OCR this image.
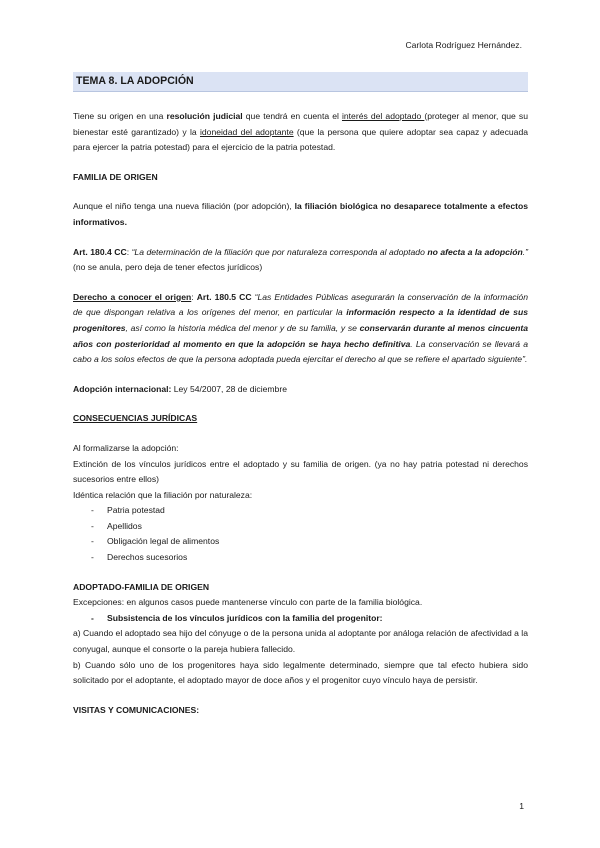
Carlota Rodríguez Hernández.
TEMA 8. LA ADOPCIÓN

Tiene su origen en una resolución judicial que tendrá en cuenta el interés del adoptado (proteger al menor, que su bienestar esté garantizado) y la idoneidad del adoptante (que la persona que quiere adoptar sea capaz y adecuada para ejercer la patria potestad) para el ejercicio de la patria potestad.

FAMILIA DE ORIGEN

Aunque el niño tenga una nueva filiación (por adopción), la filiación biológica no desaparece totalmente a efectos informativos.

Art. 180.4 CC: “La determinación de la filiación que por naturaleza corresponda al adoptado no afecta a la adopción.” (no se anula, pero deja de tener efectos jurídicos)

Derecho a conocer el origen: Art. 180.5 CC “Las Entidades Públicas asegurarán la conservación de la información de que dispongan relativa a los orígenes del menor, en particular la información respecto a la identidad de sus progenitores, así como la historia médica del menor y de su familia, y se conservarán durante al menos cincuenta años con posterioridad al momento en que la adopción se haya hecho definitiva. La conservación se llevará a cabo a los solos efectos de que la persona adoptada pueda ejercitar el derecho al que se refiere el apartado siguiente”.

Adopción internacional: Ley 54/2007, 28 de diciembre

CONSECUENCIAS JURÍDICAS

Al formalizarse la adopción:

Extinción de los vínculos jurídicos entre el adoptado y su familia de origen. (ya no hay patria potestad ni derechos sucesorios entre ellos)

Idéntica relación que la filiación por naturaleza:

- Patria potestad
- Apellidos
- Obligación legal de alimentos
- Derechos sucesorios

ADOPTADO-FAMILIA DE ORIGEN

Excepciones: en algunos casos puede mantenerse vínculo con parte de la familia biológica.

- Subsistencia de los vínculos jurídicos con la familia del progenitor:

a) Cuando el adoptado sea hijo del cónyuge o de la persona unida al adoptante por análoga relación de afectividad a la conyugal, aunque el consorte o la pareja hubiera fallecido.

b) Cuando sólo uno de los progenitores haya sido legalmente determinado, siempre que tal efecto hubiera sido solicitado por el adoptante, el adoptado mayor de doce años y el progenitor cuyo vínculo haya de persistir.

VISITAS Y COMUNICACIONES:

1
